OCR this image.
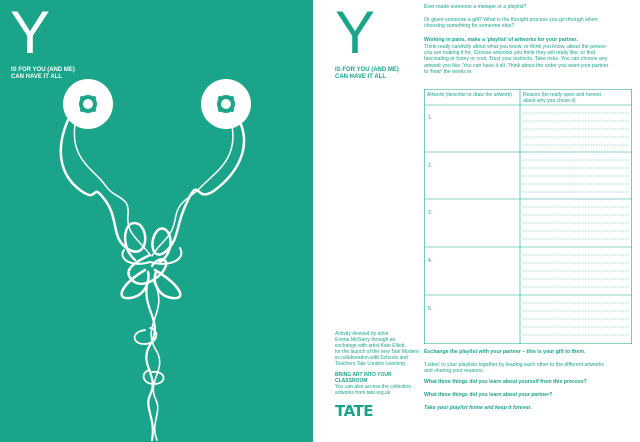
Y
IS FOR YOU (AND ME)
CAN HAVE IT ALL
Y
IS FOR YOU (AND ME)
CAN HAVE IT ALL
Ever made someone a mixtape or a playlist?
Or given someone a gift? What is the thought process you go through when
choosing something for someone else?
Working in pairs, make a 'playlist' of artworks for your partner.
Think really carefully about what you know, or think you know, about the person
you are making it for. Choose artworks you think they will really like, or find
fascinating or funny or cool. Trust your instincts. Take risks. You can choose any
artwork you like. You can have it all. Think about the order you want your partner
to 'hear' the works in.
Artwork (describe or draw the artwork)	Reason (be really open and honest
about why you chose it)
1.
2.
3.
4.
5.
Exchange the playlist with your partner – this is your gift to them.
'Listen' to your playlists together by leading each other to the different artworks
and sharing your reasons.
What three things did you learn about yourself from this process?
What three things did you learn about your partner?
Take your playlist home and keep it forever.
Activity devised by artist
Emma McGarry through an
exchange with artist Kate Elliott
for the launch of the new Tate Modern
in collaboration with Schools and
Teachers Tate London Learning
BRING ART INTO YOUR CLASSROOM
You can also access the collection
artworks from tate.org.uk
TATE
